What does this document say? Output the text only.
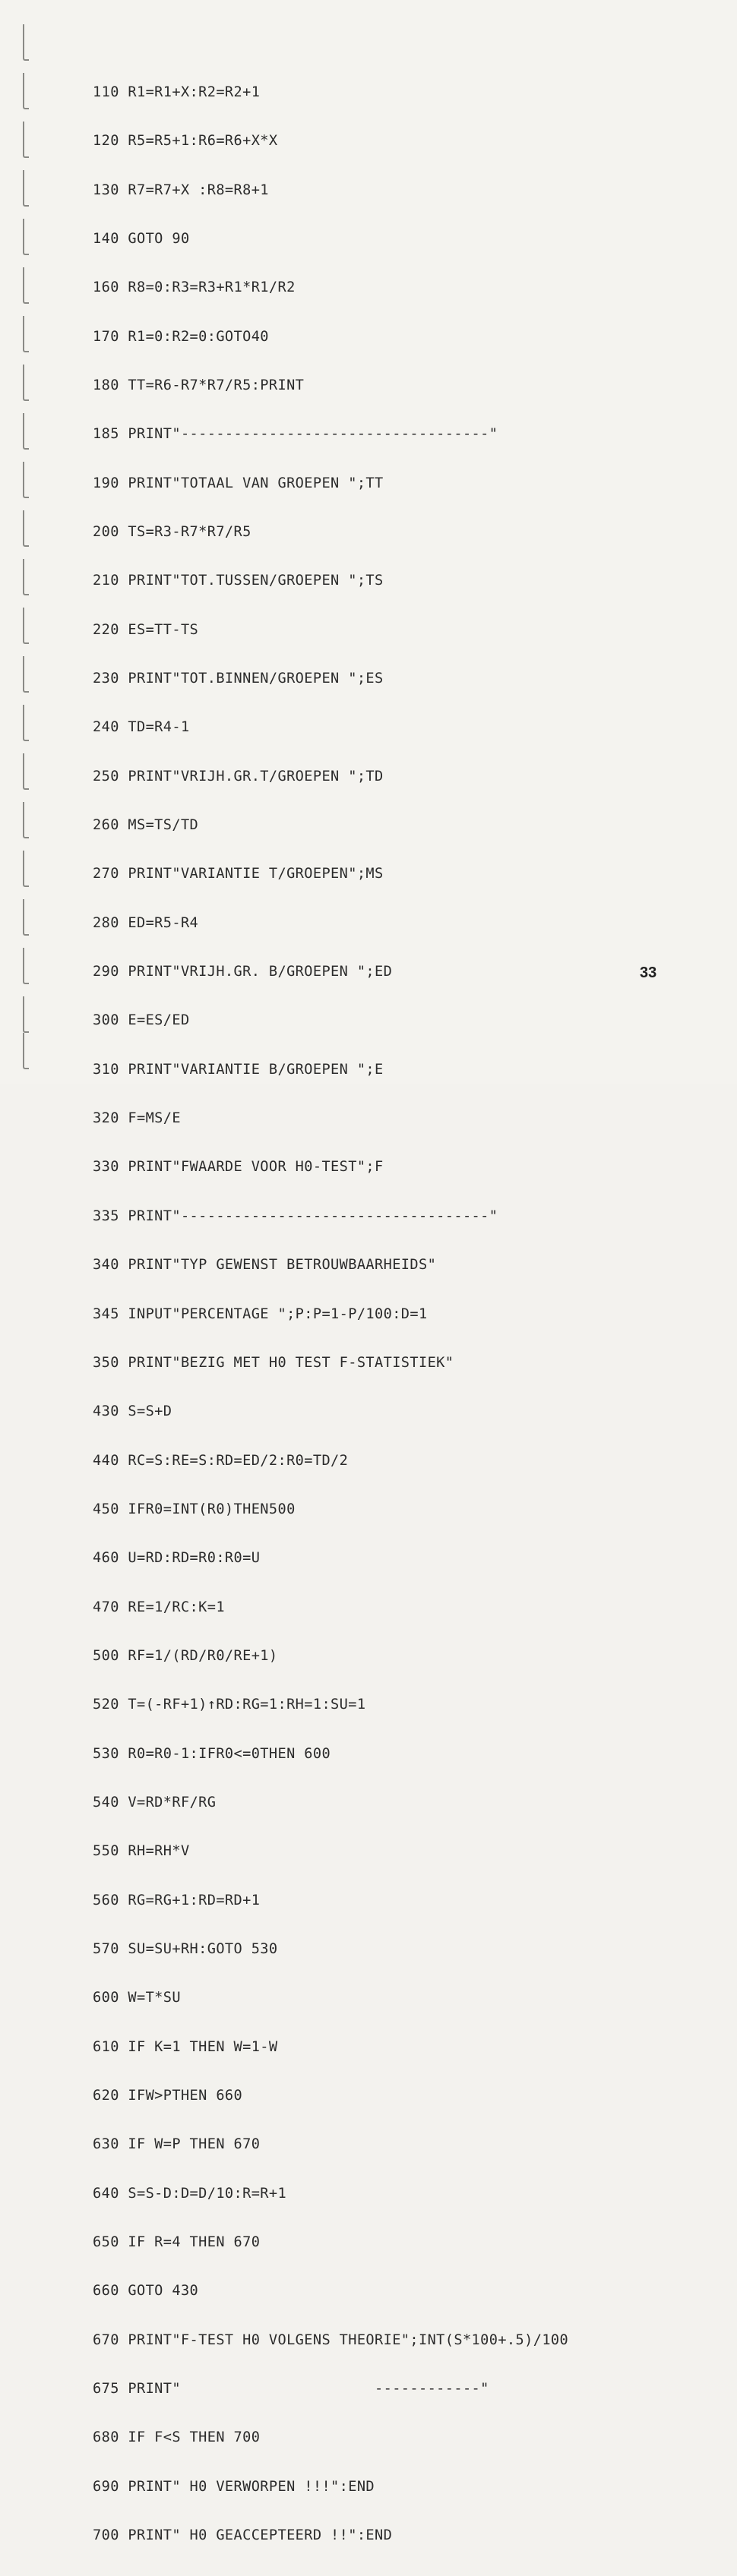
110 R1=R1+X:R2=R2+1

120 R5=R5+1:R6=R6+X*X

130 R7=R7+X :R8=R8+1

140 GOTO 90

160 R8=0:R3=R3+R1*R1/R2

170 R1=0:R2=0:GOTO40

180 TT=R6-R7*R7/R5:PRINT

185 PRINT"-----------------------------------"

190 PRINT"TOTAAL VAN GROEPEN ";TT

200 TS=R3-R7*R7/R5

210 PRINT"TOT.TUSSEN/GROEPEN ";TS

220 ES=TT-TS

230 PRINT"TOT.BINNEN/GROEPEN ";ES

240 TD=R4-1

250 PRINT"VRIJH.GR.T/GROEPEN ";TD

260 MS=TS/TD

270 PRINT"VARIANTIE T/GROEPEN";MS

280 ED=R5-R4

290 PRINT"VRIJH.GR. B/GROEPEN ";ED

300 E=ES/ED

310 PRINT"VARIANTIE B/GROEPEN ";E

320 F=MS/E

330 PRINT"FWAARDE VOOR H0-TEST";F

335 PRINT"-----------------------------------"

340 PRINT"TYP GEWENST BETROUWBAARHEIDS"

345 INPUT"PERCENTAGE ";P:P=1-P/100:D=1

350 PRINT"BEZIG MET H0 TEST F-STATISTIEK"

430 S=S+D

440 RC=S:RE=S:RD=ED/2:R0=TD/2

450 IFR0=INT(R0)THEN500

460 U=RD:RD=R0:R0=U

470 RE=1/RC:K=1

500 RF=1/(RD/R0/RE+1)

520 T=(-RF+1)↑RD:RG=1:RH=1:SU=1

530 R0=R0-1:IFR0<=0THEN 600

540 V=RD*RF/RG

550 RH=RH*V

560 RG=RG+1:RD=RD+1

570 SU=SU+RH:GOTO 530

600 W=T*SU

610 IF K=1 THEN W=1-W

620 IFW>PTHEN 660

630 IF W=P THEN 670

640 S=S-D:D=D/10:R=R+1

650 IF R=4 THEN 670

660 GOTO 430

670 PRINT"F-TEST H0 VOLGENS THEORIE";INT(S*100+.5)/100

675 PRINT"                      ------------"

680 IF F<S THEN 700

690 PRINT" H0 VERWORPEN !!!":END

700 PRINT" H0 GEACCEPTEERD !!":END

33
